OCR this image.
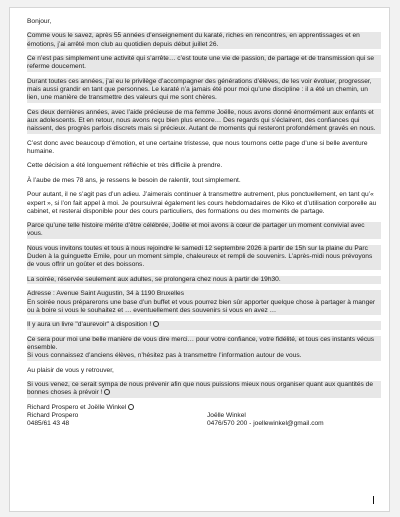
Bonjour,

Comme vous le savez, après 55 années d’enseignement du karaté, riches en rencontres, en apprentissages et en émotions, j’ai arrêté mon club au quotidien depuis début juillet 26.

Ce n’est pas simplement une activité qui s’arrête… c’est toute une vie de passion, de partage et de transmission qui se referme doucement.

Durant toutes ces années, j’ai eu le privilège d’accompagner des générations d’élèves, de les voir évoluer, progresser, mais aussi grandir en tant que personnes. Le karaté n’a jamais été pour moi qu’une discipline : il a été un chemin, un lien, une manière de transmettre des valeurs qui me sont chères.

Ces deux dernières années, avec l’aide précieuse de ma femme Joëlle, nous avons donné énormément aux enfants et aux adolescents. Et en retour, nous avons reçu bien plus encore… Des regards qui s’éclairent, des confiances qui naissent, des progrès parfois discrets mais si précieux. Autant de moments qui resteront profondément gravés en nous.

C’est donc avec beaucoup d’émotion, et une certaine tristesse, que nous tournons cette page d’une si belle aventure humaine.

Cette décision a été longuement réfléchie et très difficile à prendre.

À l’aube de mes 78 ans, je ressens le besoin de ralentir, tout simplement.

Pour autant, il ne s’agit pas d’un adieu. J’aimerais continuer à transmettre autrement, plus ponctuellement, en tant qu’« expert », si l’on fait appel à moi. Je poursuivrai également les cours hebdomadaires de Kiko et d’utilisation corporelle au cabinet, et resterai disponible pour des cours particuliers, des formations ou des moments de partage.

Parce qu’une telle histoire mérite d’être célébrée, Joëlle et moi avons à cœur de partager un moment convivial avec vous.

Nous vous invitons toutes et tous à nous rejoindre le samedi 12 septembre 2026 à partir de 15h sur la plaine du Parc Duden à la guinguette Emile, pour un moment simple, chaleureux et rempli de souvenirs. L’après-midi nous prévoyons de vous offrir un goûter et des boissons.

La soirée, réservée seulement aux adultes, se prolongera chez nous à partir de 19h30.

Adresse : Avenue Saint Augustin, 34 à 1190 Bruxelles
En soirée nous préparerons une base d’un buffet et vous pourrez bien sûr apporter quelque chose à partager à manger ou à boire si vous le souhaitez et … eventuellement des souvenirs si vous en avez …

Il y aura un livre "d’aurevoir" à disposition !

Ce sera pour moi une belle manière de vous dire merci… pour votre confiance, votre fidélité, et tous ces instants vécus ensemble.
Si vous connaissez d’anciens élèves, n’hésitez pas à transmettre l’information autour de vous.

Au plaisir de vous y retrouver,

Si vous venez, ce serait sympa de nous prévenir afin que nous puissions mieux nous organiser quant aux quantités de bonnes choses à prévoir !

Richard Prospero et Joëlle Winkel
Richard Prospero	Joëlle Winkel
0485/61 43 48	0476/570 200 - joellewinkel@gmail.com
